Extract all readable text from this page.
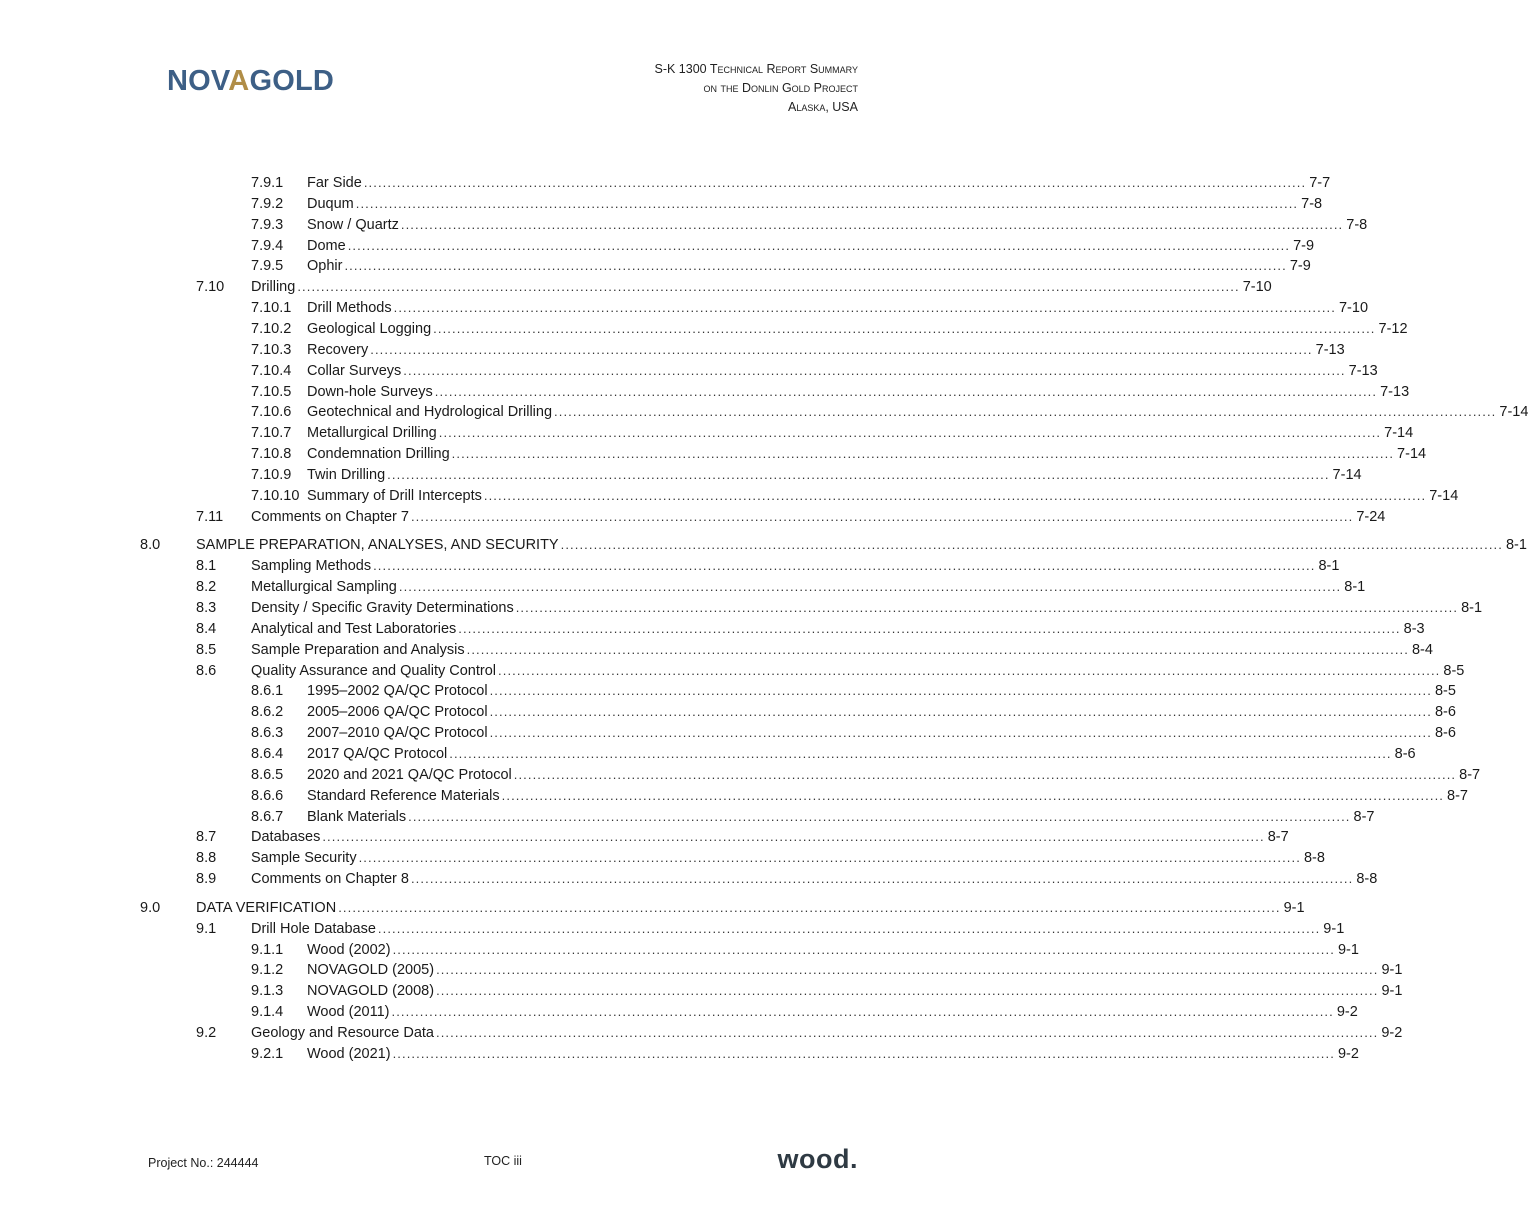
NOVAGOLD	S-K 1300 Technical Report Summary
on the Donlin Gold Project
Alaska, USA
7.9.1	Far Side ........................................................................................................................................................................................................ 7-7
7.9.2	Duqum ........................................................................................................................................................................................................ 7-8
7.9.3	Snow / Quartz ........................................................................................................................................................................................................ 7-8
7.9.4	Dome ........................................................................................................................................................................................................ 7-9
7.9.5	Ophir ........................................................................................................................................................................................................ 7-9
7.10	Drilling ........................................................................................................................................................................................................ 7-10
7.10.1	Drill Methods ........................................................................................................................................................................................................ 7-10
7.10.2	Geological Logging ........................................................................................................................................................................................................ 7-12
7.10.3	Recovery ........................................................................................................................................................................................................ 7-13
7.10.4	Collar Surveys ........................................................................................................................................................................................................ 7-13
7.10.5	Down-hole Surveys ........................................................................................................................................................................................................ 7-13
7.10.6	Geotechnical and Hydrological Drilling ........................................................................................................................................................................................................ 7-14
7.10.7	Metallurgical Drilling ........................................................................................................................................................................................................ 7-14
7.10.8	Condemnation Drilling ........................................................................................................................................................................................................ 7-14
7.10.9	Twin Drilling ........................................................................................................................................................................................................ 7-14
7.10.10 Summary of Drill Intercepts ........................................................................................................................................................................................................ 7-14
7.11	Comments on Chapter 7 ........................................................................................................................................................................................................ 7-24
8.0	SAMPLE PREPARATION, ANALYSES, AND SECURITY ........................................................................................................................................................................................................ 8-1
8.1	Sampling Methods ........................................................................................................................................................................................................ 8-1
8.2	Metallurgical Sampling ........................................................................................................................................................................................................ 8-1
8.3	Density / Specific Gravity Determinations ........................................................................................................................................................................................................ 8-1
8.4	Analytical and Test Laboratories ........................................................................................................................................................................................................ 8-3
8.5	Sample Preparation and Analysis ........................................................................................................................................................................................................ 8-4
8.6	Quality Assurance and Quality Control ........................................................................................................................................................................................................ 8-5
8.6.1	1995–2002 QA/QC Protocol ........................................................................................................................................................................................................ 8-5
8.6.2	2005–2006 QA/QC Protocol ........................................................................................................................................................................................................ 8-6
8.6.3	2007–2010 QA/QC Protocol ........................................................................................................................................................................................................ 8-6
8.6.4	2017 QA/QC Protocol ........................................................................................................................................................................................................ 8-6
8.6.5	2020 and 2021 QA/QC Protocol ........................................................................................................................................................................................................ 8-7
8.6.6	Standard Reference Materials ........................................................................................................................................................................................................ 8-7
8.6.7	Blank Materials ........................................................................................................................................................................................................ 8-7
8.7	Databases ........................................................................................................................................................................................................ 8-7
8.8	Sample Security ........................................................................................................................................................................................................ 8-8
8.9	Comments on Chapter 8 ........................................................................................................................................................................................................ 8-8
9.0	DATA VERIFICATION ........................................................................................................................................................................................................ 9-1
9.1	Drill Hole Database ........................................................................................................................................................................................................ 9-1
9.1.1	Wood (2002) ........................................................................................................................................................................................................ 9-1
9.1.2	NOVAGOLD (2005) ........................................................................................................................................................................................................ 9-1
9.1.3	NOVAGOLD (2008) ........................................................................................................................................................................................................ 9-1
9.1.4	Wood (2011) ........................................................................................................................................................................................................ 9-2
9.2	Geology and Resource Data ........................................................................................................................................................................................................ 9-2
9.2.1	Wood (2021) ........................................................................................................................................................................................................ 9-2
Project No.: 244444	TOC iii	wood.
